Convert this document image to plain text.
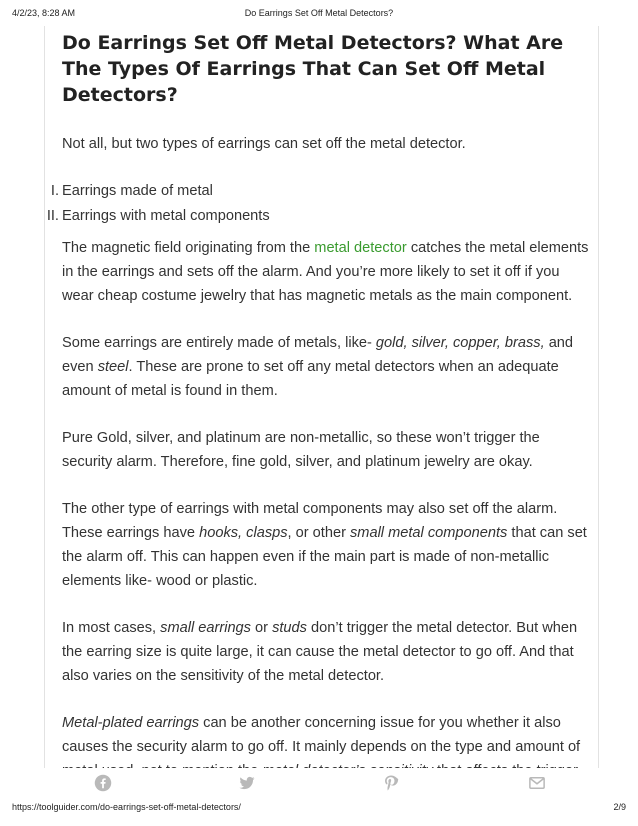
4/2/23, 8:28 AM	Do Earrings Set Off Metal Detectors?
Do Earrings Set Off Metal Detectors? What Are The Types Of Earrings That Can Set Off Metal Detectors?

Not all, but two types of earrings can set off the metal detector.

I. Earrings made of metal
II. Earrings with metal components

The magnetic field originating from the metal detector catches the metal elements in the earrings and sets off the alarm. And you’re more likely to set it off if you wear cheap costume jewelry that has magnetic metals as the main component.

Some earrings are entirely made of metals, like- gold, silver, copper, brass, and even steel. These are prone to set off any metal detectors when an adequate amount of metal is found in them.

Pure Gold, silver, and platinum are non-metallic, so these won’t trigger the security alarm. Therefore, fine gold, silver, and platinum jewelry are okay.

The other type of earrings with metal components may also set off the alarm. These earrings have hooks, clasps, or other small metal components that can set the alarm off. This can happen even if the main part is made of non-metallic elements like- wood or plastic.

In most cases, small earrings or studs don’t trigger the metal detector. But when the earring size is quite large, it can cause the metal detector to go off. And that also varies on the sensitivity of the metal detector.

Metal-plated earrings can be another concerning issue for you whether it also causes the security alarm to go off. It mainly depends on the type and amount of

https://toolguider.com/do-earrings-set-off-metal-detectors/	2/9
